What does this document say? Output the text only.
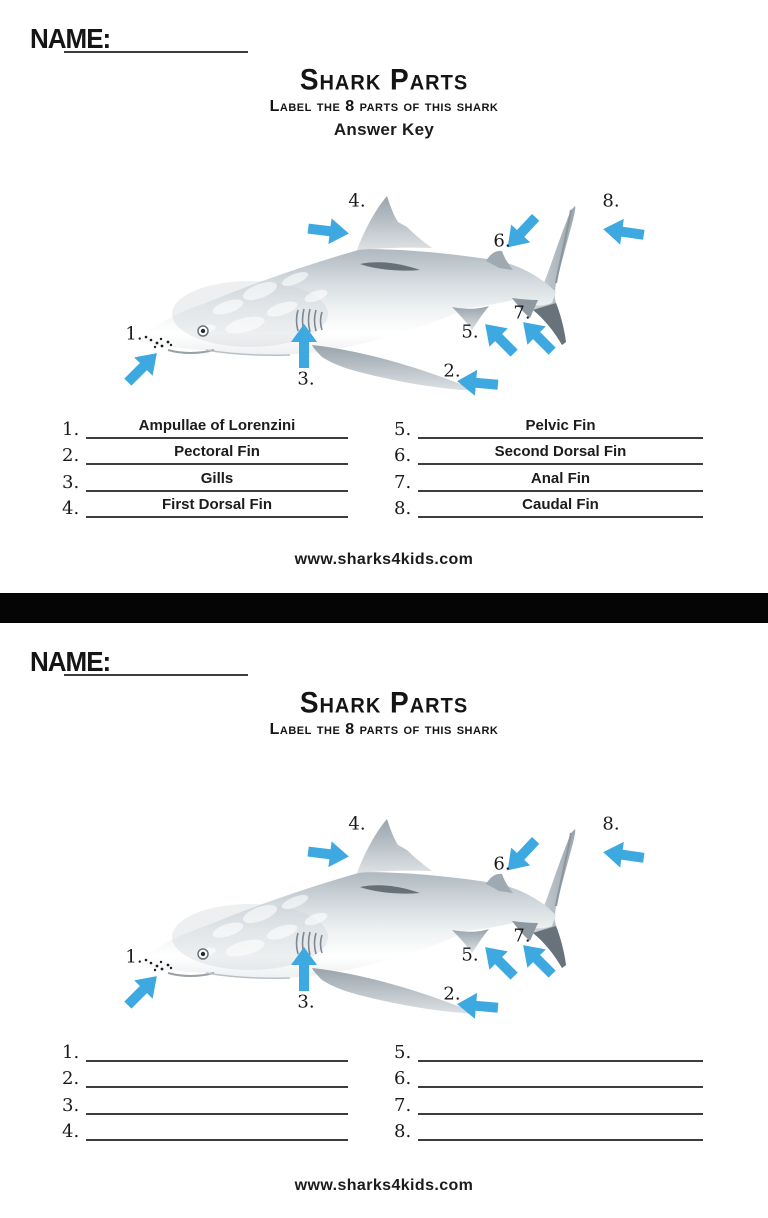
NAME:
Shark Parts
Label the 8 parts of this shark
Answer Key
1.
2.
3.
4.
5.
6.
7.
8.
1.	Ampullae of Lorenzini
2.	Pectoral Fin
3.	Gills
4.	First Dorsal Fin
5.	Pelvic Fin
6.	Second Dorsal Fin
7.	Anal Fin
8.	Caudal Fin
www.sharks4kids.com
NAME:
Shark Parts
Label the 8 parts of this shark
1.
2.
3.
4.
5.
6.
7.
8.
1.
2.
3.
4.
5.
6.
7.
8.
www.sharks4kids.com
